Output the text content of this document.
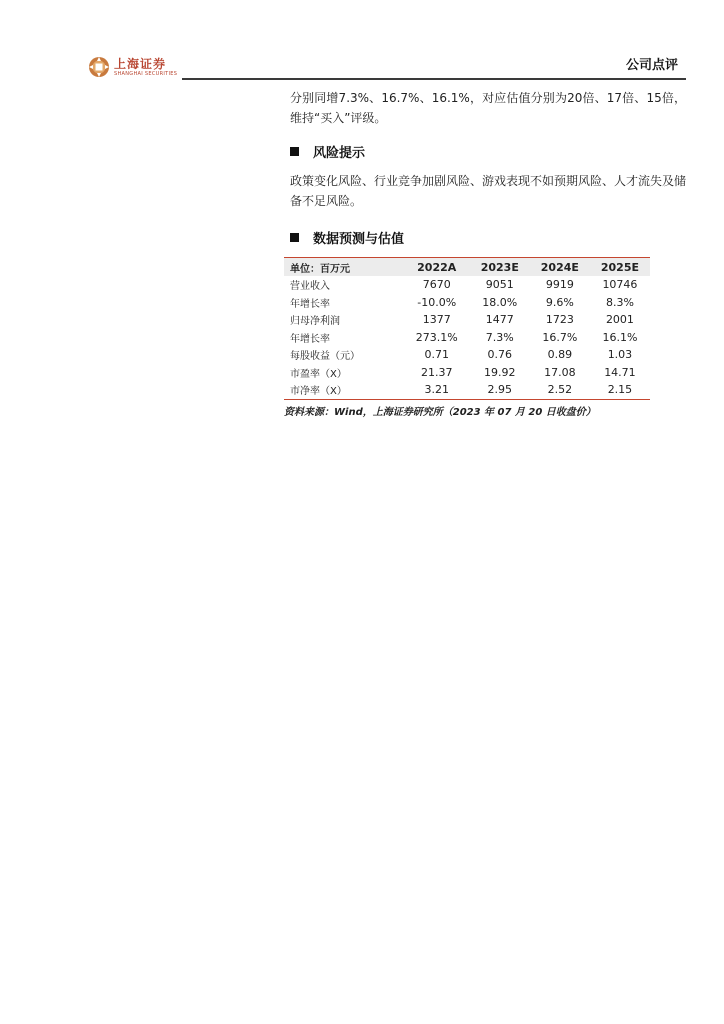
上海证券
SHANGHAI SECURITIES
公司点评

分别同增7.3%、16.7%、16.1%，对应估值分别为20倍、17倍、15倍，维持“买入”评级。

风险提示

政策变化风险、行业竞争加剧风险、游戏表现不如预期风险、人才流失及储备不足风险。

数据预测与估值
单位：百万元	2022A	2023E	2024E	2025E
营业收入	7670	9051	9919	10746
年增长率	-10.0%	18.0%	9.6%	8.3%
归母净利润	1377	1477	1723	2001
年增长率	273.1%	7.3%	16.7%	16.1%
每股收益（元）	0.71	0.76	0.89	1.03
市盈率（X）	21.37	19.92	17.08	14.71
市净率（X）	3.21	2.95	2.52	2.15
资料来源：Wind，上海证券研究所（2023 年 07 月 20 日收盘价）
